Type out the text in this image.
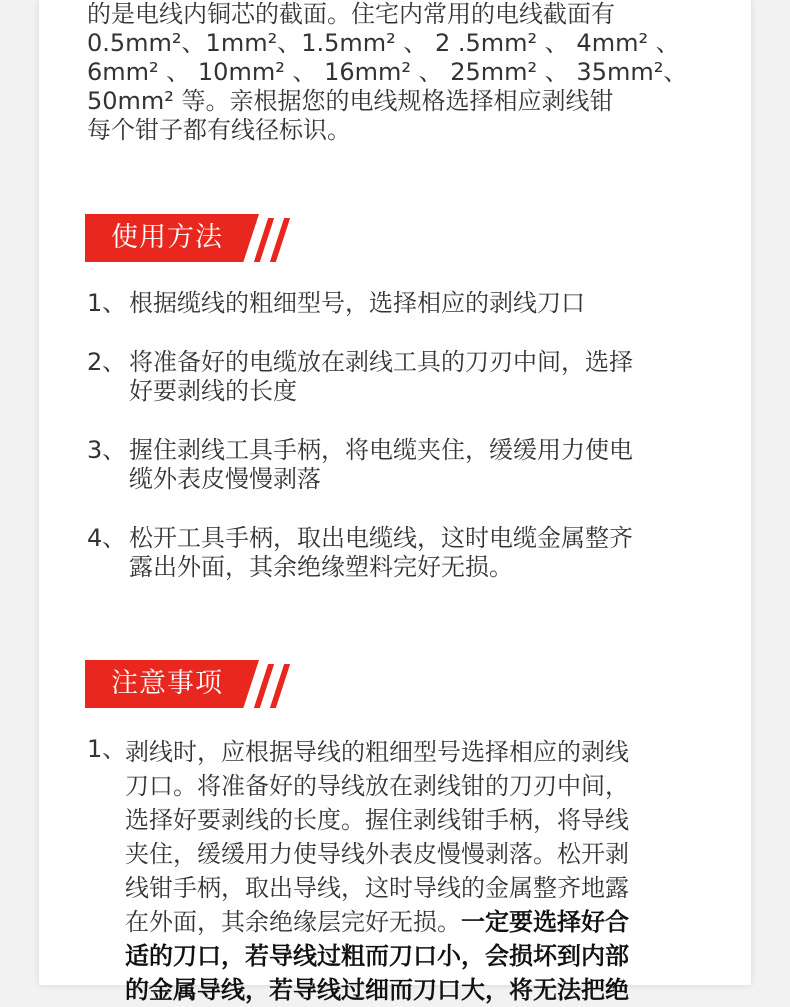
的是电线内铜芯的截面。住宅内常用的电线截面有
0.5mm²、1mm²、1.5mm² 、 2 .5mm² 、 4mm² 、
6mm² 、 10mm² 、 16mm² 、 25mm² 、 35mm²、
50mm² 等。亲根据您的电线规格选择相应剥线钳
每个钳子都有线径标识。
使用方法
1、 根据缆线的粗细型号，选择相应的剥线刀口
2、 将准备好的电缆放在剥线工具的刀刃中间，选择
好要剥线的长度
3、 握住剥线工具手柄，将电缆夹住，缓缓用力使电
缆外表皮慢慢剥落
4、 松开工具手柄，取出电缆线，这时电缆金属整齐
露出外面，其余绝缘塑料完好无损。
注意事项
1、
剥线时，应根据导线的粗细型号选择相应的剥线
刀口。将准备好的导线放在剥线钳的刀刃中间，
选择好要剥线的长度。握住剥线钳手柄，将导线
夹住，缓缓用力使导线外表皮慢慢剥落。松开剥
线钳手柄，取出导线，这时导线的金属整齐地露
在外面，其余绝缘层完好无损。一定要选择好合
适的刀口，若导线过粗而刀口小，会损坏到内部
的金属导线，若导线过细而刀口大，将无法把绝
